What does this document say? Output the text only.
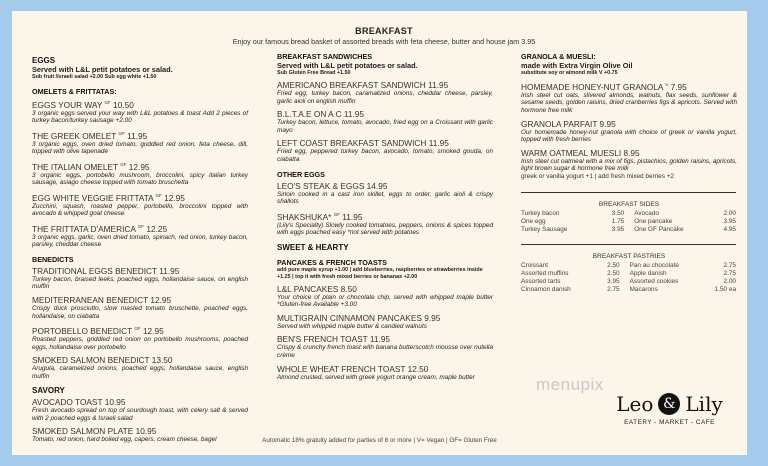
BREAKFAST
Enjoy our famous bread basket of assorted breads with feta cheese, butter and house jam 3.95
EGGS
Served with L&L petit potatoes or salad.
Sub fruit /Israeli salad +2.00 Sub egg white +1.50
OMELETS & FRITTATAS:
EGGS YOUR WAY $^{GF}$ 10.50
3 organic eggs served your way with L&L potatoes & toast Add 2 pieces of turkey bacon/turkey sausage +2.00
THE GREEK OMELET $^{GF}$ 11.95
3 organic eggs, oven dried tomato, griddled red onion, feta cheese, dill, topped with olive tapenade
THE ITALIAN OMELET $^{GF}$ 12.95
3 organic eggs, portobello mushroom, broccolini, spicy italian turkey sausage, asiago cheese topped with tomato bruschetta
EGG WHITE VEGGIE FRITTATA $^{GF}$ 12.95
Zucchini, squash, roasted pepper, portobello, broccolini topped with avocado & whipped goat cheese
THE FRITTATA D'AMERICA $^{GF}$ 12.25
3 organic eggs, garlic, oven dried tomato, spinach, red onion, turkey bacon, parsley, cheddar cheese
BENEDICTS
TRADITIONAL EGGS BENEDICT 11.95
Turkey bacon, braised leeks, poached eggs, hollandaise sauce, on english muffin
MEDITERRANEAN BENEDICT 12.95
Crispy duck prosciutto, slow roasted tomato bruschette, poached eggs, hollandaise, on ciabatta
PORTOBELLO BENEDICT $^{GF}$ 12.95
Roasted peppers, griddled red onion on portobello mushrooms, poached eggs, hollandaise over portobello
SMOKED SALMON BENEDICT 13.50
Arugula, caramelized onions, poached eggs, hollandaise sauce, english muffin
SAVORY
AVOCADO TOAST 10.95
Fresh avocado spread on top of sourdough toast, with celery salt & served with 2 poached eggs & Israeli salad
SMOKED SALMON PLATE 10.95
Tomato, red onion, hard boiled egg, capers, cream cheese, bagel
BREAKFAST SANDWICHES
Served with L&L petit potatoes or salad.
Sub Gluten Free Bread +1.50
AMERICANO BREAKFAST SANDWICH 11.95
Fried egg, turkey bacon, caramalized onions, cheddar cheese, parsley, garlic aioli on english muffin
B.L.T.A.E ON A C 11.95
Turkey bacon, lettuce, tomato, avocado, fried egg on a Croissant with garlic mayo
LEFT COAST BREAKFAST SANDWICH 11.95
Fried egg, peppered turkey bacon, avocado, tomato, smoked gouda, on ciabatta
OTHER EGGS
LEO'S STEAK & EGGS 14.95
Sirloin cooked in a cast iron skillet, eggs to order, garlic aioli & crispy shallots
SHAKSHUKA* $^{GF}$ 11.95
(Lily's Specialty) Slowly cooked tomatoes, peppers, onions & spices topped with eggs poached easy *not served with potatoes
SWEET & HEARTY
PANCAKES & FRENCH TOASTS
add pure maple syrup +1.00 | add blueberries, raspberries or strawberries inside +1.25 | top it with fresh mixed berries or bananas +2.00
L&L PANCAKES 8.50
Your choice of plain or chocolate chip, served with whipped maple butter *Gluten-free Available +3.00
MULTIGRAIN CINNAMON PANCAKES 9.95
Served with whipped maple butter & candied walnuts
BEN'S FRENCH TOAST 11.95
Crispy & crunchy french toast with banana butterscotch mousse over nutella crème
WHOLE WHEAT FRENCH TOAST 12.50
Almond crusted, served with greek yogurt orange cream, maple butter
GRANOLA & MUESLI:
made with Extra Virgin Olive Oil
substitute soy or almond milk V +0.75
HOMEMADE HONEY-NUT GRANOLA $^V$ 7.95
Irish steel cut oats, slivered almonds, walnuts, flax seeds, sunflower & sesame seeds, golden raisins, dried cranberries figs & apricots. Served with hormone free milk
GRANOLA PARFAIT 9.95
Our homemade honey-nut granola with choice of greek or vanilla yogurt, topped with fresh berries
WARM OATMEAL MUESLI 8.95
Irish steel cut oatmeal with a mix of figs, pistachios, golden raisins, apricots, light brown sugar & hormone free milk
greek or vanilla yogurt +1 | add fresh mixed berries +2
BREAKFAST SIDES
Turkey bacon	3.50	Avocado	2.00
One egg	1.75	One pancake	3.95
Turkey Sausage	3.95	One GF Pancake	4.95
BREAKFAST PASTRIES
Croissant	2.50	Pan au chocolate	2.75
Assorted muffins	2.50	Apple danish	2.75
Assorted tarts	3.95	Assorted cookies	2.00
Cinnamon danish	2.75	Macarons	1.50 ea
menupix
Leo & Lily
EATERY - MARKET - CAFE
Automatic 18% gratuity added for parties of 8 or more | V= Vegan | GF= Gluten Free
